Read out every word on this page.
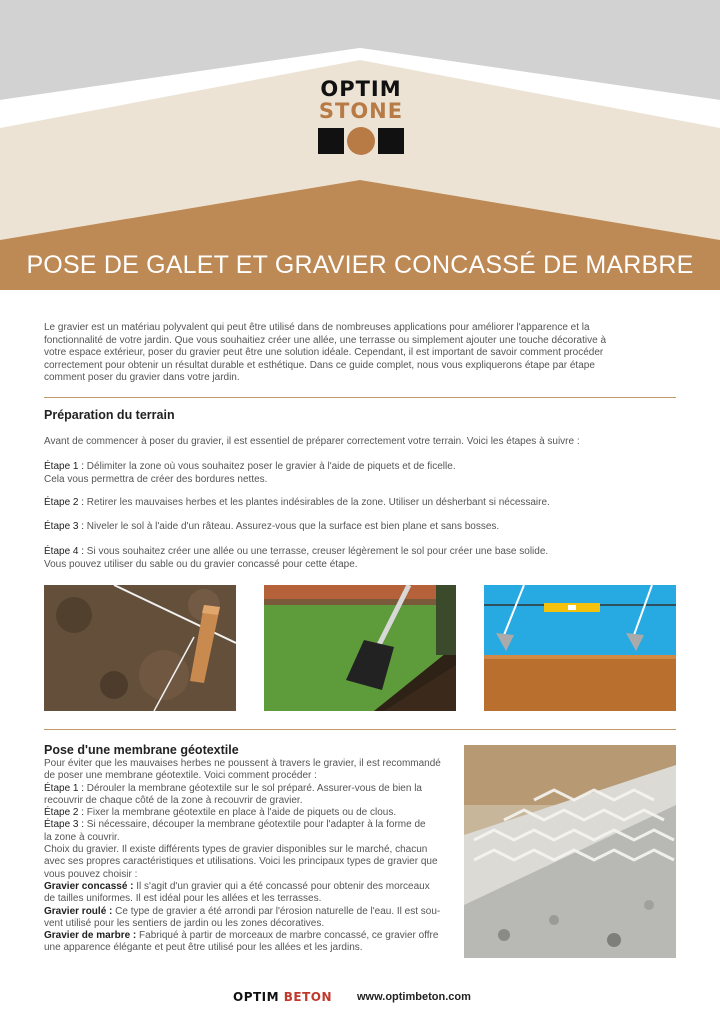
OPTIM
STONE
POSE DE GALET ET GRAVIER CONCASSÉ DE MARBRE
Le gravier est un matériau polyvalent qui peut être utilisé dans de nombreuses applications pour améliorer l'apparence et la
fonctionnalité de votre jardin. Que vous souhaitiez créer une allée, une terrasse ou simplement ajouter une touche décorative à
votre espace extérieur, poser du gravier peut être une solution idéale. Cependant, il est important de savoir comment procéder
correctement pour obtenir un résultat durable et esthétique. Dans ce guide complet, nous vous expliquerons étape par étape
comment poser du gravier dans votre jardin.
Préparation du terrain
Avant de commencer à poser du gravier, il est essentiel de préparer correctement votre terrain. Voici les étapes à suivre :
Étape 1 : Délimiter la zone où vous souhaitez poser le gravier à l'aide de piquets et de ficelle.
Cela vous permettra de créer des bordures nettes.
Étape 2 : Retirer les mauvaises herbes et les plantes indésirables de la zone. Utiliser un désherbant si nécessaire.
Étape 3 : Niveler le sol à l'aide d'un râteau. Assurez-vous que la surface est bien plane et sans bosses.
Étape 4 : Si vous souhaitez créer une allée ou une terrasse, creuser légèrement le sol pour créer une base solide.
Vous pouvez utiliser du sable ou du gravier concassé pour cette étape.
Pose d'une membrane géotextile
Pour éviter que les mauvaises herbes ne poussent à travers le gravier, il est recommandé
de poser une membrane géotextile. Voici comment procéder :
Étape 1 : Dérouler la membrane géotextile sur le sol préparé. Assurer-vous de bien la
recouvrir de chaque côté de la zone à recouvrir de gravier.
Étape 2 : Fixer la membrane géotextile en place à l'aide de piquets ou de clous.
Étape 3 : Si nécessaire, découper la membrane géotextile pour l'adapter à la forme de
la zone à couvrir.
Choix du gravier. Il existe différents types de gravier disponibles sur le marché, chacun
avec ses propres caractéristiques et utilisations. Voici les principaux types de gravier que
vous pouvez choisir :
Gravier concassé : Il s'agit d'un gravier qui a été concassé pour obtenir des morceaux
de tailles uniformes. Il est idéal pour les allées et les terrasses.
Gravier roulé : Ce type de gravier a été arrondi par l'érosion naturelle de l'eau. Il est sou-
vent utilisé pour les sentiers de jardin ou les zones décoratives.
Gravier de marbre : Fabriqué à partir de morceaux de marbre concassé, ce gravier offre
une apparence élégante et peut être utilisé pour les allées et les jardins.
OPTIM BETON www.optimbeton.com
